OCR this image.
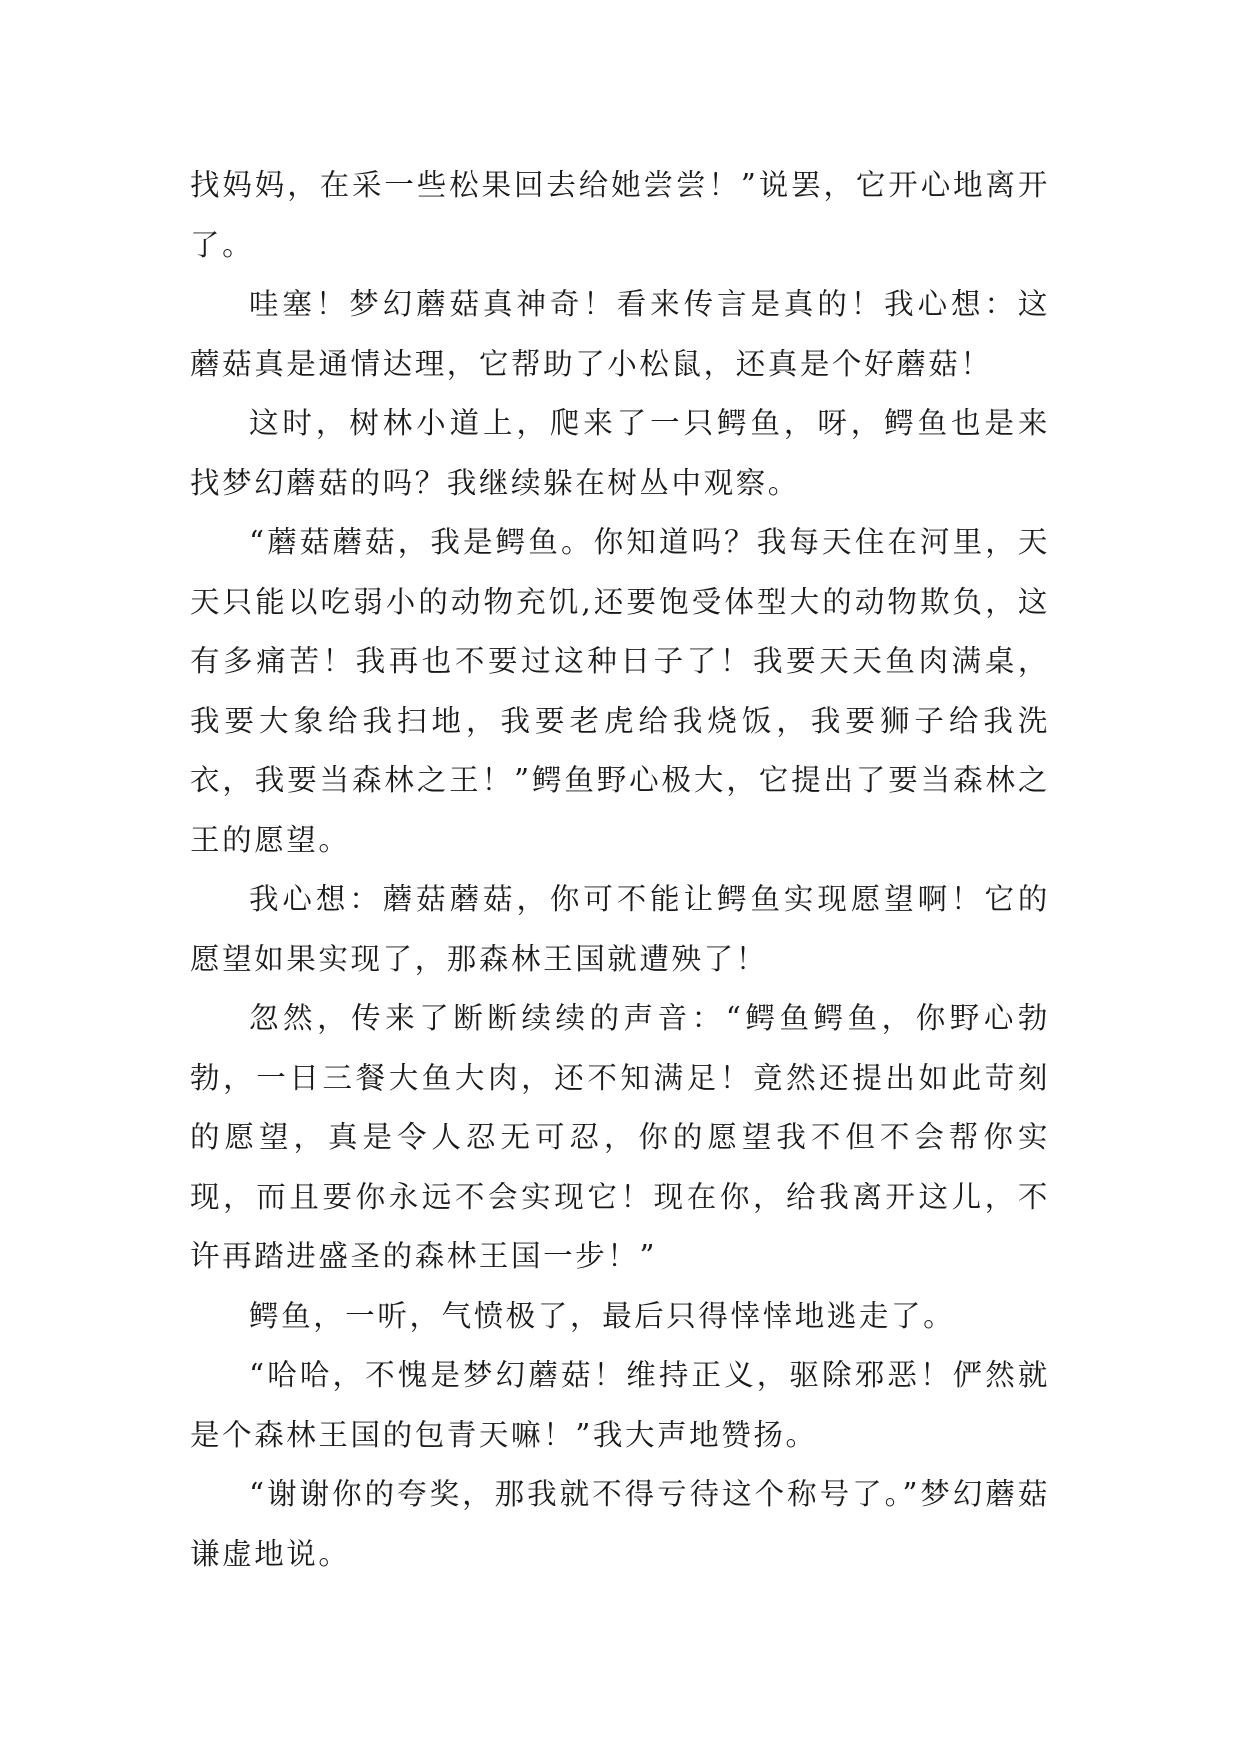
找妈妈，在采一些松果回去给她尝尝！”说罢，它开心地离开了。

哇塞！梦幻蘑菇真神奇！看来传言是真的！我心想：这蘑菇真是通情达理，它帮助了小松鼠，还真是个好蘑菇！

这时，树林小道上，爬来了一只鳄鱼，呀，鳄鱼也是来找梦幻蘑菇的吗？我继续躲在树丛中观察。

“蘑菇蘑菇，我是鳄鱼。你知道吗？我每天住在河里，天天只能以吃弱小的动物充饥,还要饱受体型大的动物欺负，这有多痛苦！我再也不要过这种日子了！我要天天鱼肉满桌，我要大象给我扫地，我要老虎给我烧饭，我要狮子给我洗衣，我要当森林之王！”鳄鱼野心极大，它提出了要当森林之王的愿望。

我心想：蘑菇蘑菇，你可不能让鳄鱼实现愿望啊！它的愿望如果实现了，那森林王国就遭殃了！

忽然，传来了断断续续的声音：“鳄鱼鳄鱼，你野心勃勃，一日三餐大鱼大肉，还不知满足！竟然还提出如此苛刻的愿望，真是令人忍无可忍，你的愿望我不但不会帮你实现，而且要你永远不会实现它！现在你，给我离开这儿，不许再踏进盛圣的森林王国一步！”

鳄鱼，一听，气愤极了，最后只得悻悻地逃走了。

“哈哈，不愧是梦幻蘑菇！维持正义，驱除邪恶！俨然就是个森林王国的包青天嘛！”我大声地赞扬。

“谢谢你的夸奖，那我就不得亏待这个称号了。”梦幻蘑菇谦虚地说。
